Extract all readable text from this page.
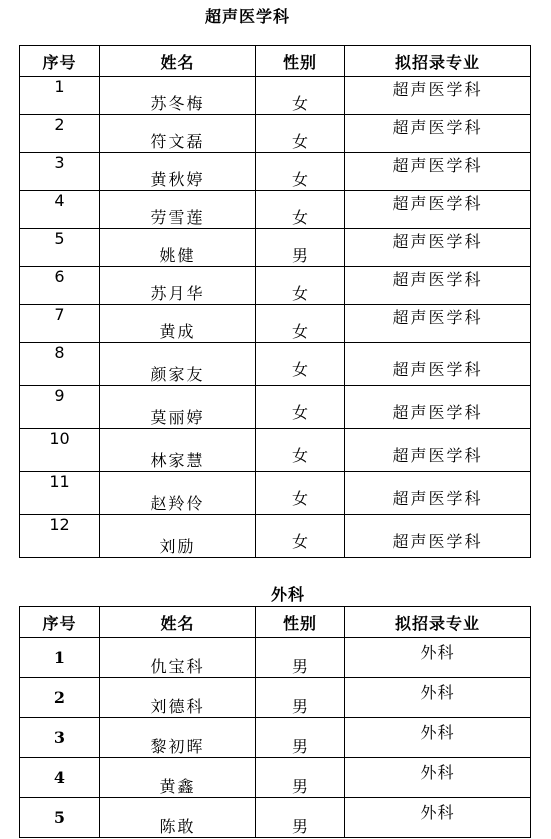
超声医学科
序号	姓名	性别	拟招录专业
1	苏冬梅	女	超声医学科
2	符文磊	女	超声医学科
3	黄秋婷	女	超声医学科
4	劳雪莲	女	超声医学科
5	姚健	男	超声医学科
6	苏月华	女	超声医学科
7	黄成	女	超声医学科
8	颜家友	女	超声医学科
9	莫丽婷	女	超声医学科
10	林家慧	女	超声医学科
11	赵羚伶	女	超声医学科
12	刘励	女	超声医学科
外科
序号	姓名	性别	拟招录专业
1	仇宝科	男	外科
2	刘德科	男	外科
3	黎初晖	男	外科
4	黄鑫	男	外科
5	陈敢	男	外科
